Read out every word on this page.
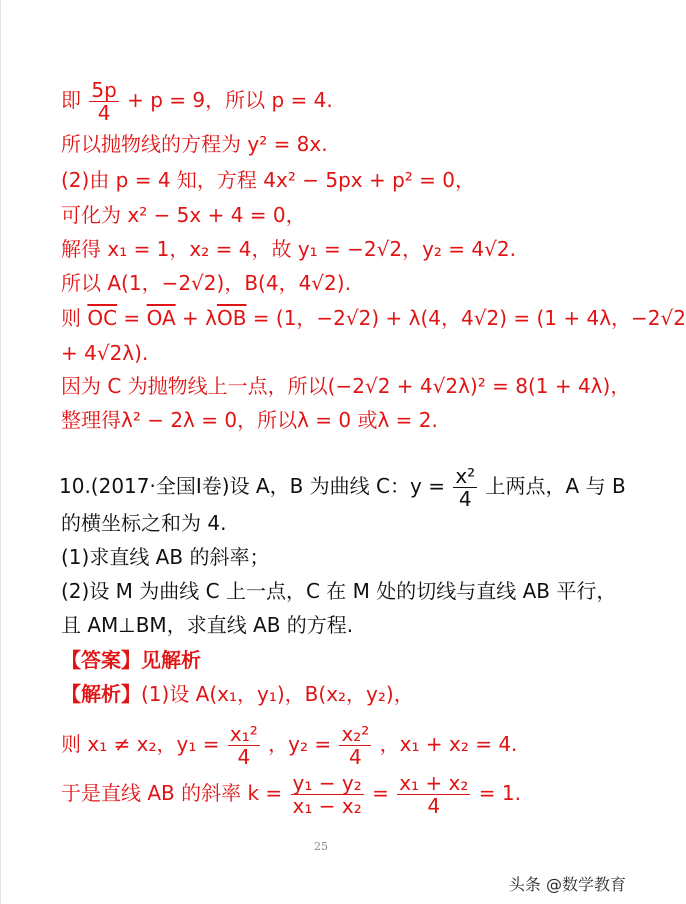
即 $\frac{5p}{4} + p = 9$，所以 p = 4.
所以抛物线的方程为 y² = 8x.
(2)由 p = 4 知，方程 4x² − 5px + p² = 0，
可化为 x² − 5x + 4 = 0，
解得 x₁ = 1，x₂ = 4，故 y₁ = −2√2，y₂ = 4√2.
所以 A(1，−2√2)，B(4，4√2).
则 $\overline{OC} = \overline{OA} + \lambda\overline{OB} = (1$，−2√2) + λ(4，4√2) = (1 + 4λ，−2√2
+ 4√2λ).
因为 C 为抛物线上一点，所以(−2√2 + 4√2λ)² = 8(1 + 4λ)，
整理得λ² − 2λ = 0，所以λ = 0 或λ = 2.
10.(2017·全国Ⅰ卷)设 A，B 为曲线 C：$y = \frac{\text{x²}}{4}$ 上两点，A 与 B
的横坐标之和为 4.
(1)求直线 AB 的斜率；
(2)设 M 为曲线 C 上一点，C 在 M 处的切线与直线 AB 平行，
且 AM⊥BM，求直线 AB 的方程.
【答案】见解析
【解析】(1)设 A(x₁，y₁)，B(x₂，y₂)，
则 x₁ ≠ x₂，$y_1 = \frac{\text{x₁²}}{4}$ ，$y_2 = \frac{\text{x₂²}}{4}$ ，x₁ + x₂ = 4.
于是直线 AB 的斜率 $k = \frac{\text{y₁ − y₂}}{\text{x₁ − x₂}} = \frac{\text{x₁ + x₂}}{4} = 1$.
25
头条 @数学教育
